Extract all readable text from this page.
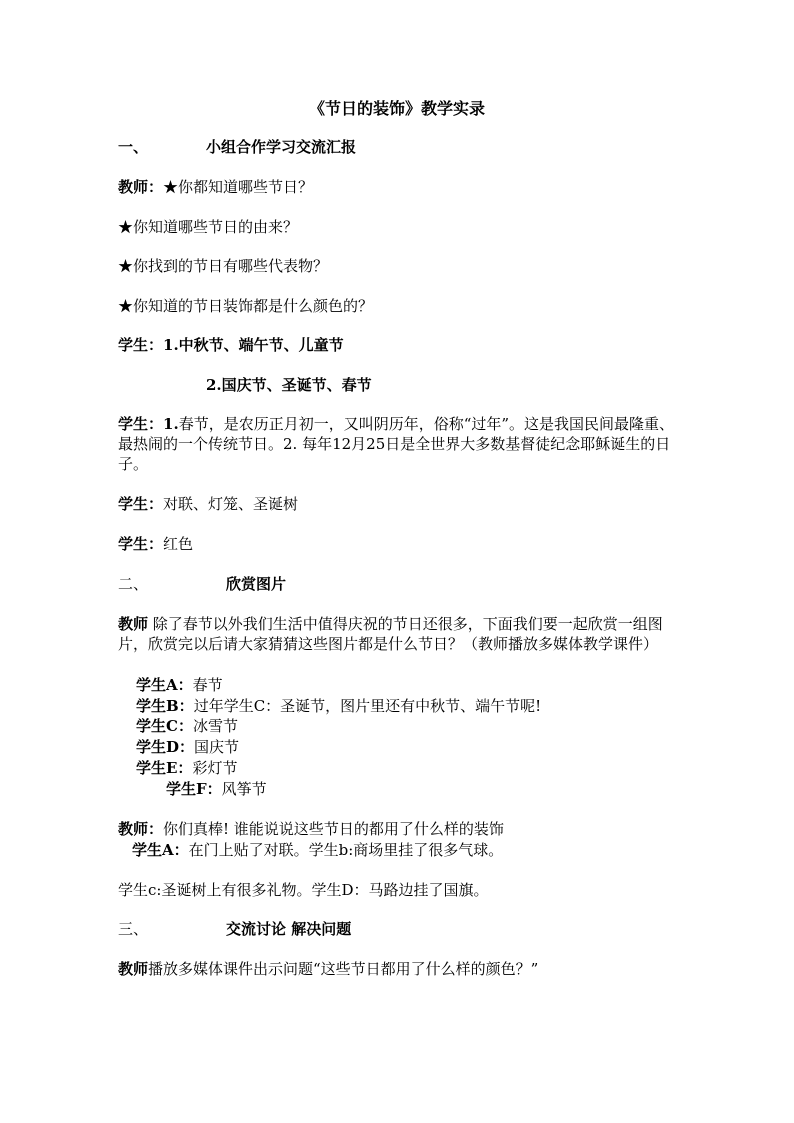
《节日的装饰》教学实录
一、	小组合作学习交流汇报
教师：★你都知道哪些节日？
★你知道哪些节日的由来？
★你找到的节日有哪些代表物？
★你知道的节日装饰都是什么颜色的？
学生：1.中秋节、端午节、儿童节
2.国庆节、圣诞节、春节
学生：1.春节，是农历正月初一，又叫阴历年，俗称“过年”。这是我国民间最隆重、最热闹的一个传统节日。2. 每年12月25日是全世界大多数基督徒纪念耶稣诞生的日子。
学生：对联、灯笼、圣诞树
学生：红色
二、	欣赏图片
教师 除了春节以外我们生活中值得庆祝的节日还很多，下面我们要一起欣赏一组图片，欣赏完以后请大家猜猜这些图片都是什么节日？（教师播放多媒体教学课件）
学生A：春节
学生B：过年学生C：圣诞节，图片里还有中秋节、端午节呢!
学生C：冰雪节
学生D：国庆节
学生E：彩灯节
学生F：风筝节
教师：你们真棒! 谁能说说这些节日的都用了什么样的装饰
学生A：在门上贴了对联。学生b:商场里挂了很多气球。
学生c:圣诞树上有很多礼物。学生D：马路边挂了国旗。
三、	交流讨论 解决问题
教师播放多媒体课件出示问题“这些节日都用了什么样的颜色？”
